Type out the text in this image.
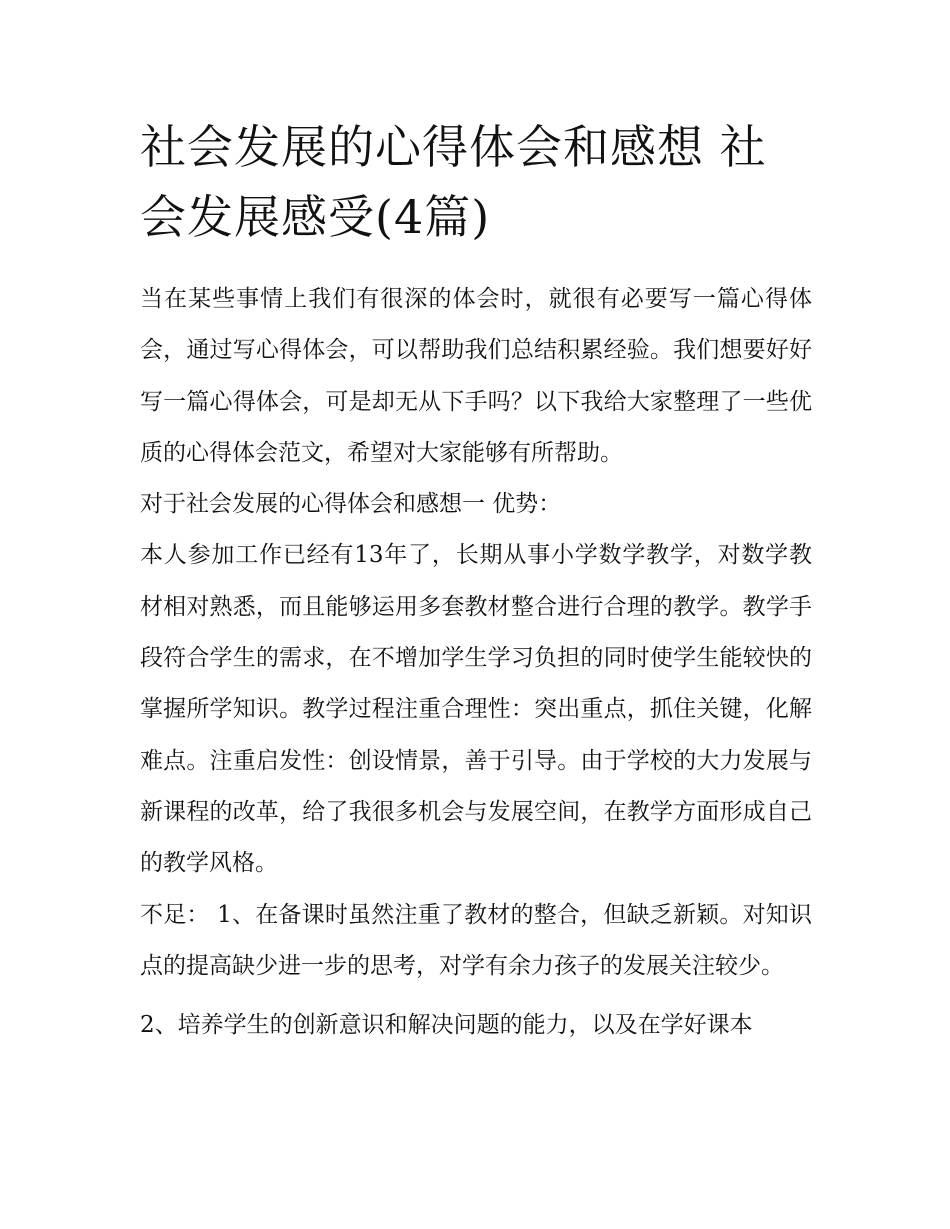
社会发展的心得体会和感想 社会发展感受(4篇)

当在某些事情上我们有很深的体会时，就很有必要写一篇心得体会，通过写心得体会，可以帮助我们总结积累经验。我们想要好好写一篇心得体会，可是却无从下手吗？以下我给大家整理了一些优质的心得体会范文，希望对大家能够有所帮助。

对于社会发展的心得体会和感想一 优势：

本人参加工作已经有13年了，长期从事小学数学教学，对数学教材相对熟悉，而且能够运用多套教材整合进行合理的教学。教学手段符合学生的需求，在不增加学生学习负担的同时使学生能较快的掌握所学知识。教学过程注重合理性：突出重点，抓住关键，化解难点。注重启发性：创设情景，善于引导。由于学校的大力发展与新课程的改革，给了我很多机会与发展空间，在教学方面形成自己的教学风格。

不足： 1、在备课时虽然注重了教材的整合，但缺乏新颖。对知识点的提高缺少进一步的思考，对学有余力孩子的发展关注较少。

2、培养学生的创新意识和解决问题的能力，以及在学好课本
